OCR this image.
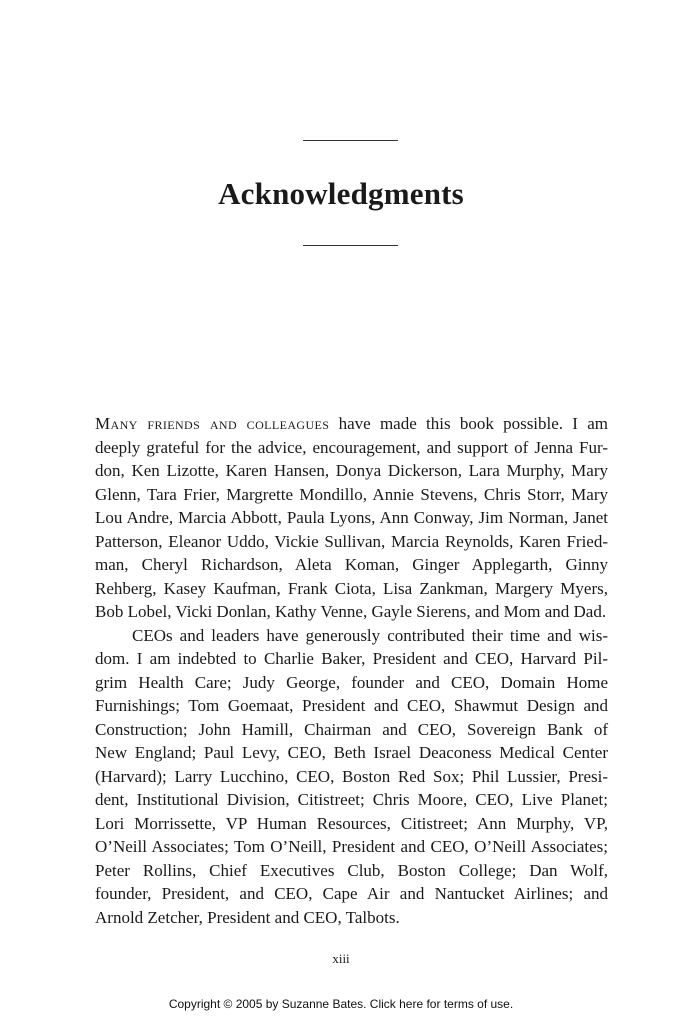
Acknowledgments
Many friends and colleagues have made this book possible. I am
deeply grateful for the advice, encouragement, and support of Jenna Fur-
don, Ken Lizotte, Karen Hansen, Donya Dickerson, Lara Murphy, Mary
Glenn, Tara Frier, Margrette Mondillo, Annie Stevens, Chris Storr, Mary
Lou Andre, Marcia Abbott, Paula Lyons, Ann Conway, Jim Norman, Janet
Patterson, Eleanor Uddo, Vickie Sullivan, Marcia Reynolds, Karen Fried-
man, Cheryl Richardson, Aleta Koman, Ginger Applegarth, Ginny
Rehberg, Kasey Kaufman, Frank Ciota, Lisa Zankman, Margery Myers,
Bob Lobel, Vicki Donlan, Kathy Venne, Gayle Sierens, and Mom and Dad.
CEOs and leaders have generously contributed their time and wis-
dom. I am indebted to Charlie Baker, President and CEO, Harvard Pil-
grim Health Care; Judy George, founder and CEO, Domain Home
Furnishings; Tom Goemaat, President and CEO, Shawmut Design and
Construction; John Hamill, Chairman and CEO, Sovereign Bank of
New England; Paul Levy, CEO, Beth Israel Deaconess Medical Center
(Harvard); Larry Lucchino, CEO, Boston Red Sox; Phil Lussier, Presi-
dent, Institutional Division, Citistreet; Chris Moore, CEO, Live Planet;
Lori Morrissette, VP Human Resources, Citistreet; Ann Murphy, VP,
O’Neill Associates; Tom O’Neill, President and CEO, O’Neill Associates;
Peter Rollins, Chief Executives Club, Boston College; Dan Wolf,
founder, President, and CEO, Cape Air and Nantucket Airlines; and
Arnold Zetcher, President and CEO, Talbots.
xiii
Copyright © 2005 by Suzanne Bates. Click here for terms of use.
